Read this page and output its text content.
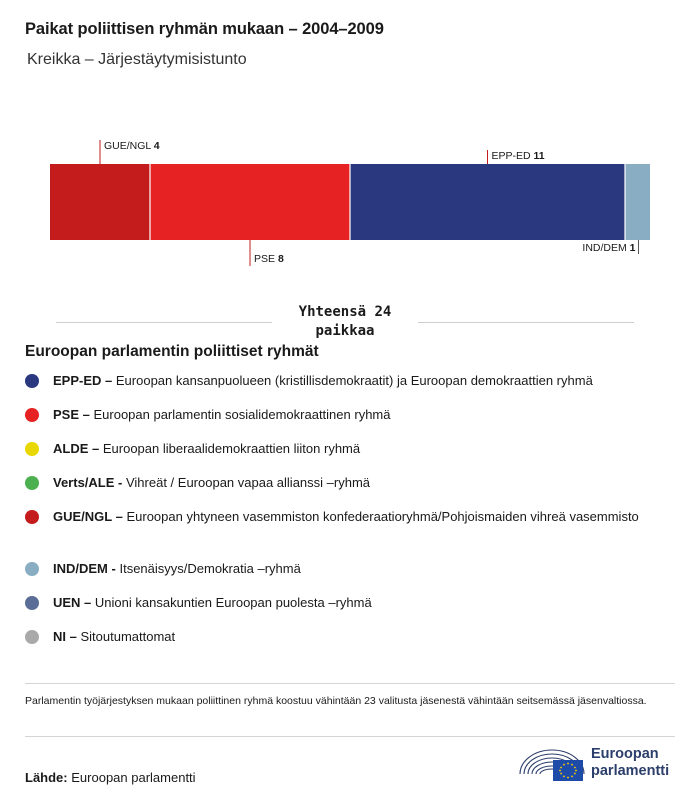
Paikat poliittisen ryhmän mukaan – 2004–2009
Kreikka – Järjestäytymisistunto
GUE/NGL 4
PSE 8
EPP-ED 11
IND/DEM 1
Yhteensä 24
paikkaa
Euroopan parlamentin poliittiset ryhmät
EPP-ED – Euroopan kansanpuolueen (kristillisdemokraatit) ja Euroopan demokraattien ryhmä
PSE – Euroopan parlamentin sosialidemokraattinen ryhmä
ALDE – Euroopan liberaalidemokraattien liiton ryhmä
Verts/ALE - Vihreät / Euroopan vapaa allianssi –ryhmä
GUE/NGL – Euroopan yhtyneen vasemmiston konfederaatioryhmä/Pohjoismaiden vihreä vasemmisto
IND/DEM - Itsenäisyys/Demokratia –ryhmä
UEN – Unioni kansakuntien Euroopan puolesta –ryhmä
NI – Sitoutumattomat
Parlamentin työjärjestyksen mukaan poliittinen ryhmä koostuu vähintään 23 valitusta jäsenestä vähintään seitsemässä jäsenvaltiossa.
Lähde: Euroopan parlamentti
Euroopan
parlamentti
